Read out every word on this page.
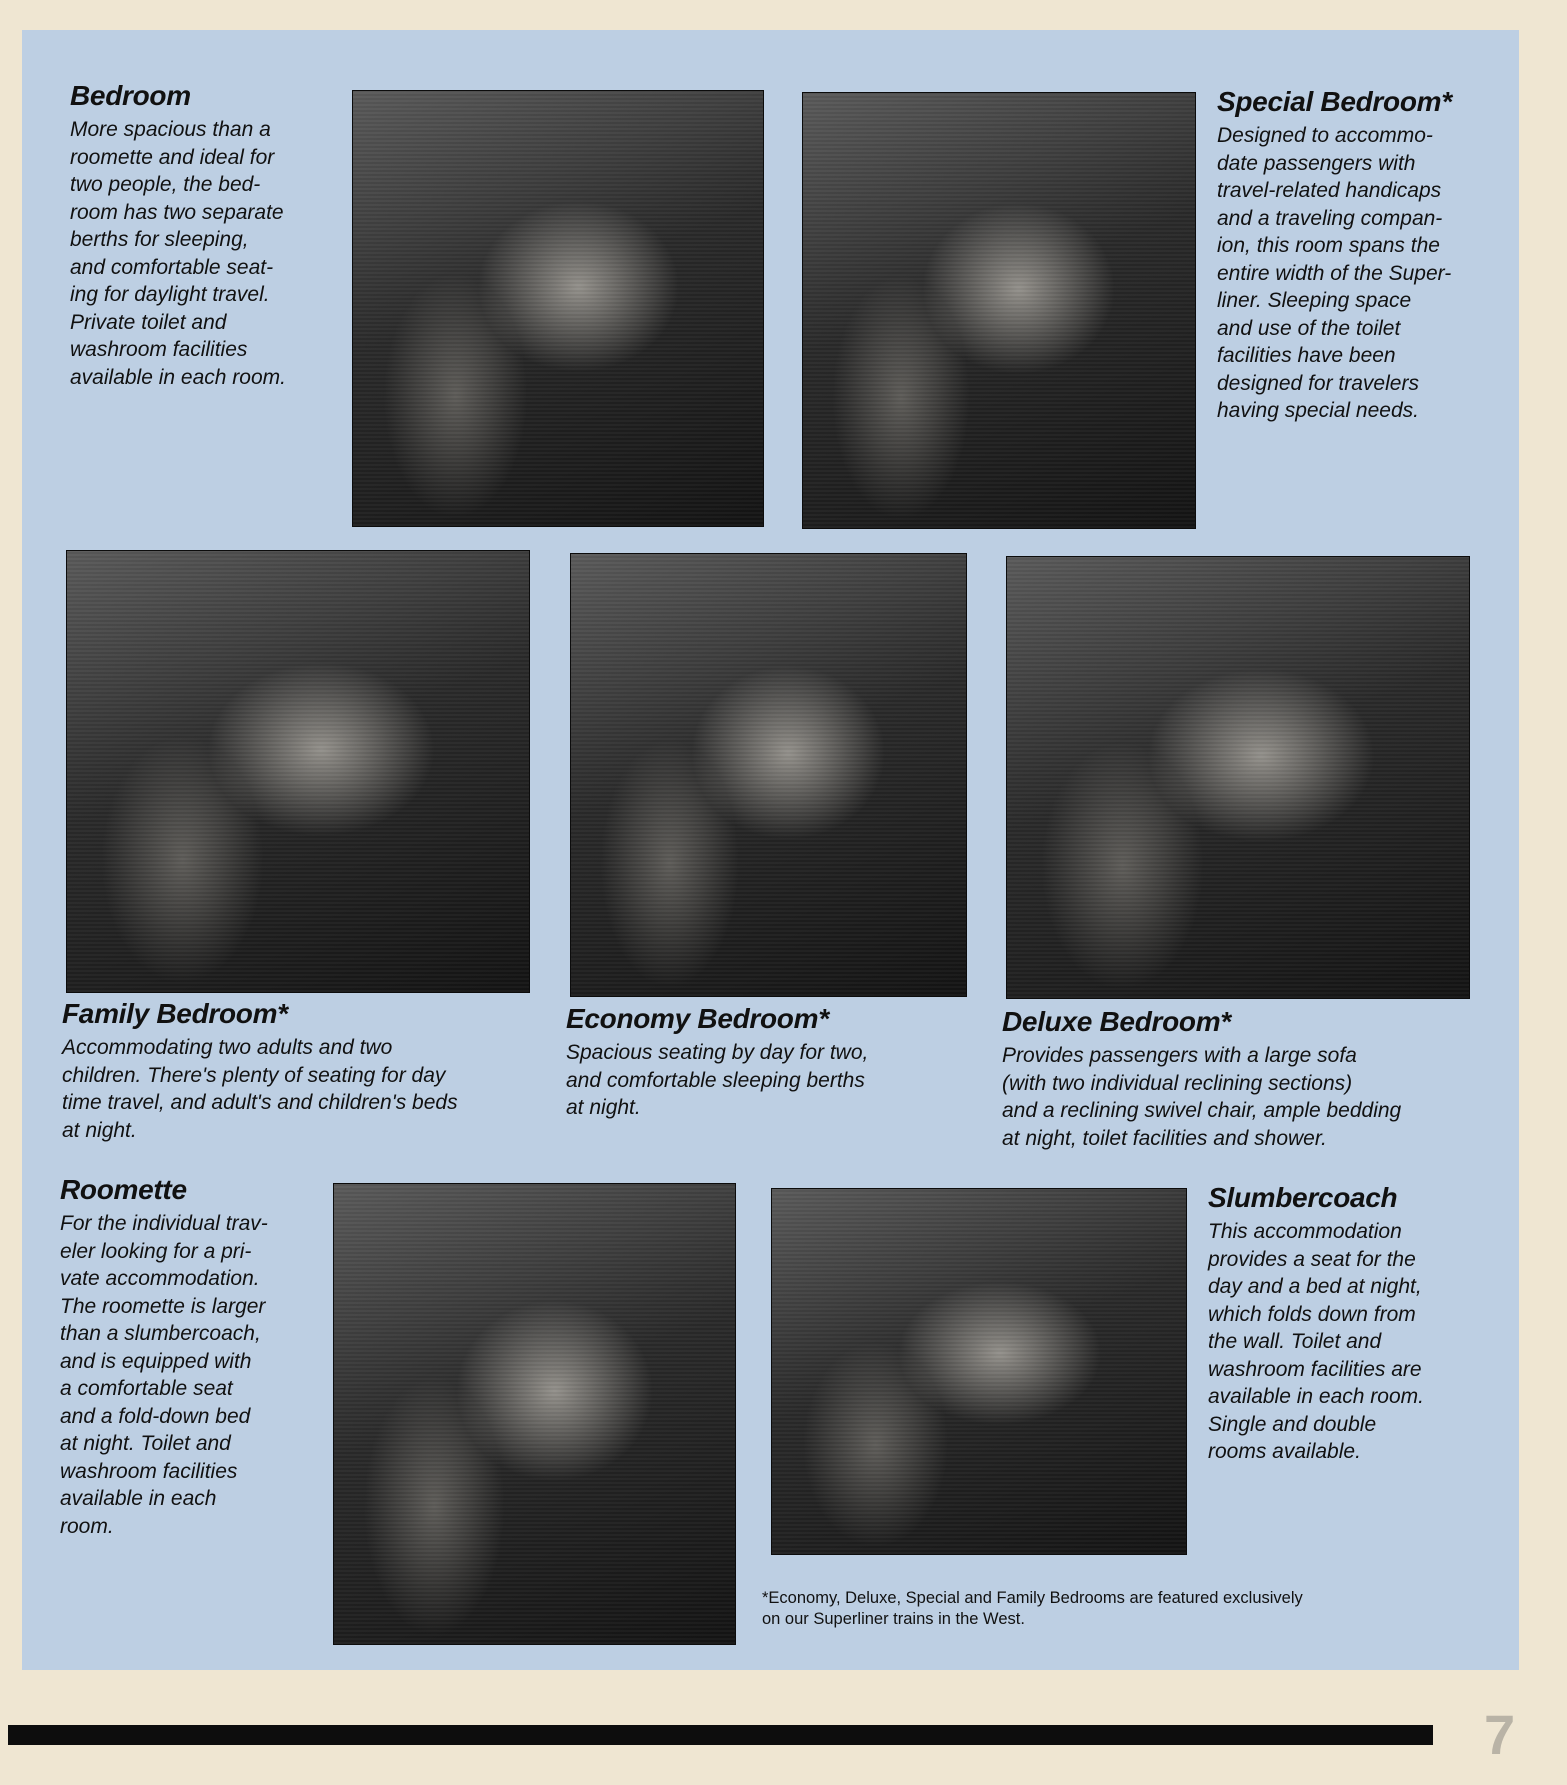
Bedroom

More spacious than a
roomette and ideal for
two people, the bed-
room has two separate
berths for sleeping,
and comfortable seat-
ing for daylight travel.
Private toilet and
washroom facilities
available in each room.

Special Bedroom*

Designed to accommo-
date passengers with
travel-related handicaps
and a traveling compan-
ion, this room spans the
entire width of the Super-
liner. Sleeping space
and use of the toilet
facilities have been
designed for travelers
having special needs.

Family Bedroom*

Accommodating two adults and two
children. There's plenty of seating for day
time travel, and adult's and children's beds
at night.

Economy Bedroom*

Spacious seating by day for two,
and comfortable sleeping berths
at night.

Deluxe Bedroom*

Provides passengers with a large sofa
(with two individual reclining sections)
and a reclining swivel chair, ample bedding
at night, toilet facilities and shower.

Roomette

For the individual trav-
eler looking for a pri-
vate accommodation.
The roomette is larger
than a slumbercoach,
and is equipped with
a comfortable seat
and a fold-down bed
at night. Toilet and
washroom facilities
available in each
room.

Slumbercoach

This accommodation
provides a seat for the
day and a bed at night,
which folds down from
the wall. Toilet and
washroom facilities are
available in each room.
Single and double
rooms available.

*Economy, Deluxe, Special and Family Bedrooms are featured exclusively
on our Superliner trains in the West.
7
